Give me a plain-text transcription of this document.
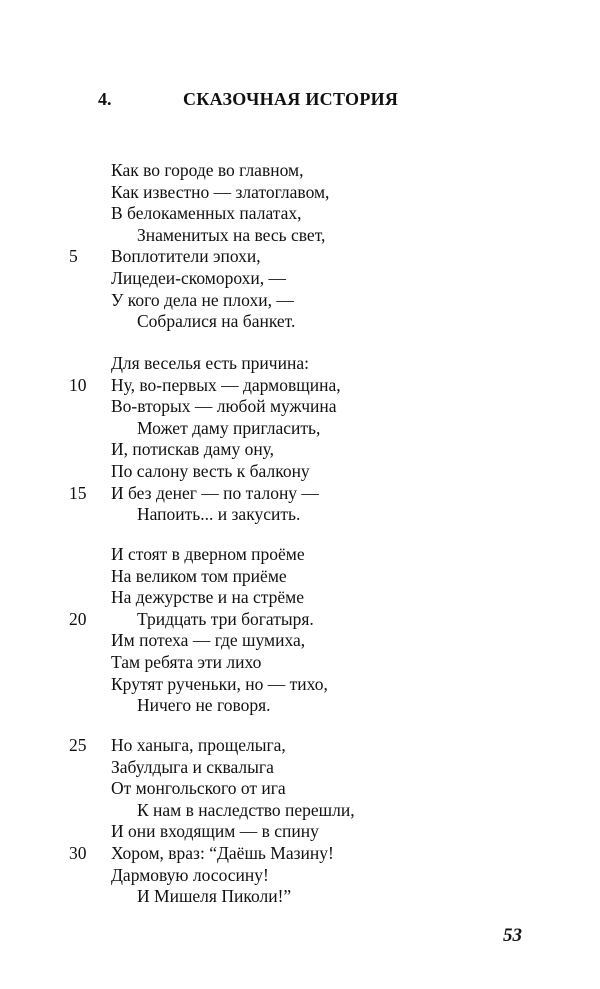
4.	СКАЗОЧНАЯ ИСТОРИЯ
Как во городе во главном,
Как известно — златоглавом,
В белокаменных палатах,
Знаменитых на весь свет,
5	Воплотители эпохи,
Лицедеи-скоморохи, —
У кого дела не плохи, —
Собралися на банкет.
Для веселья есть причина:
10 Ну, во-первых — дармовщина,
Во-вторых — любой мужчина
Может даму пригласить,
И, потискав даму ону,
По салону весть к балкону
15 И без денег — по талону —
Напоить... и закусить.
И стоят в дверном проёме
На великом том приёме
На дежурстве и на стрёме
20	Тридцать три богатыря.
Им потеха — где шумиха,
Там ребята эти лихо
Крутят рученьки, но — тихо,
Ничего не говоря.
25 Но ханыга, прощелыга,
Забулдыга и сквалыга
От монгольского от ига
К нам в наследство перешли,
И они входящим — в спину
30 Хором, враз: “Даёшь Мазину!
Дармовую лососину!
И Мишеля Пиколи!”
53
